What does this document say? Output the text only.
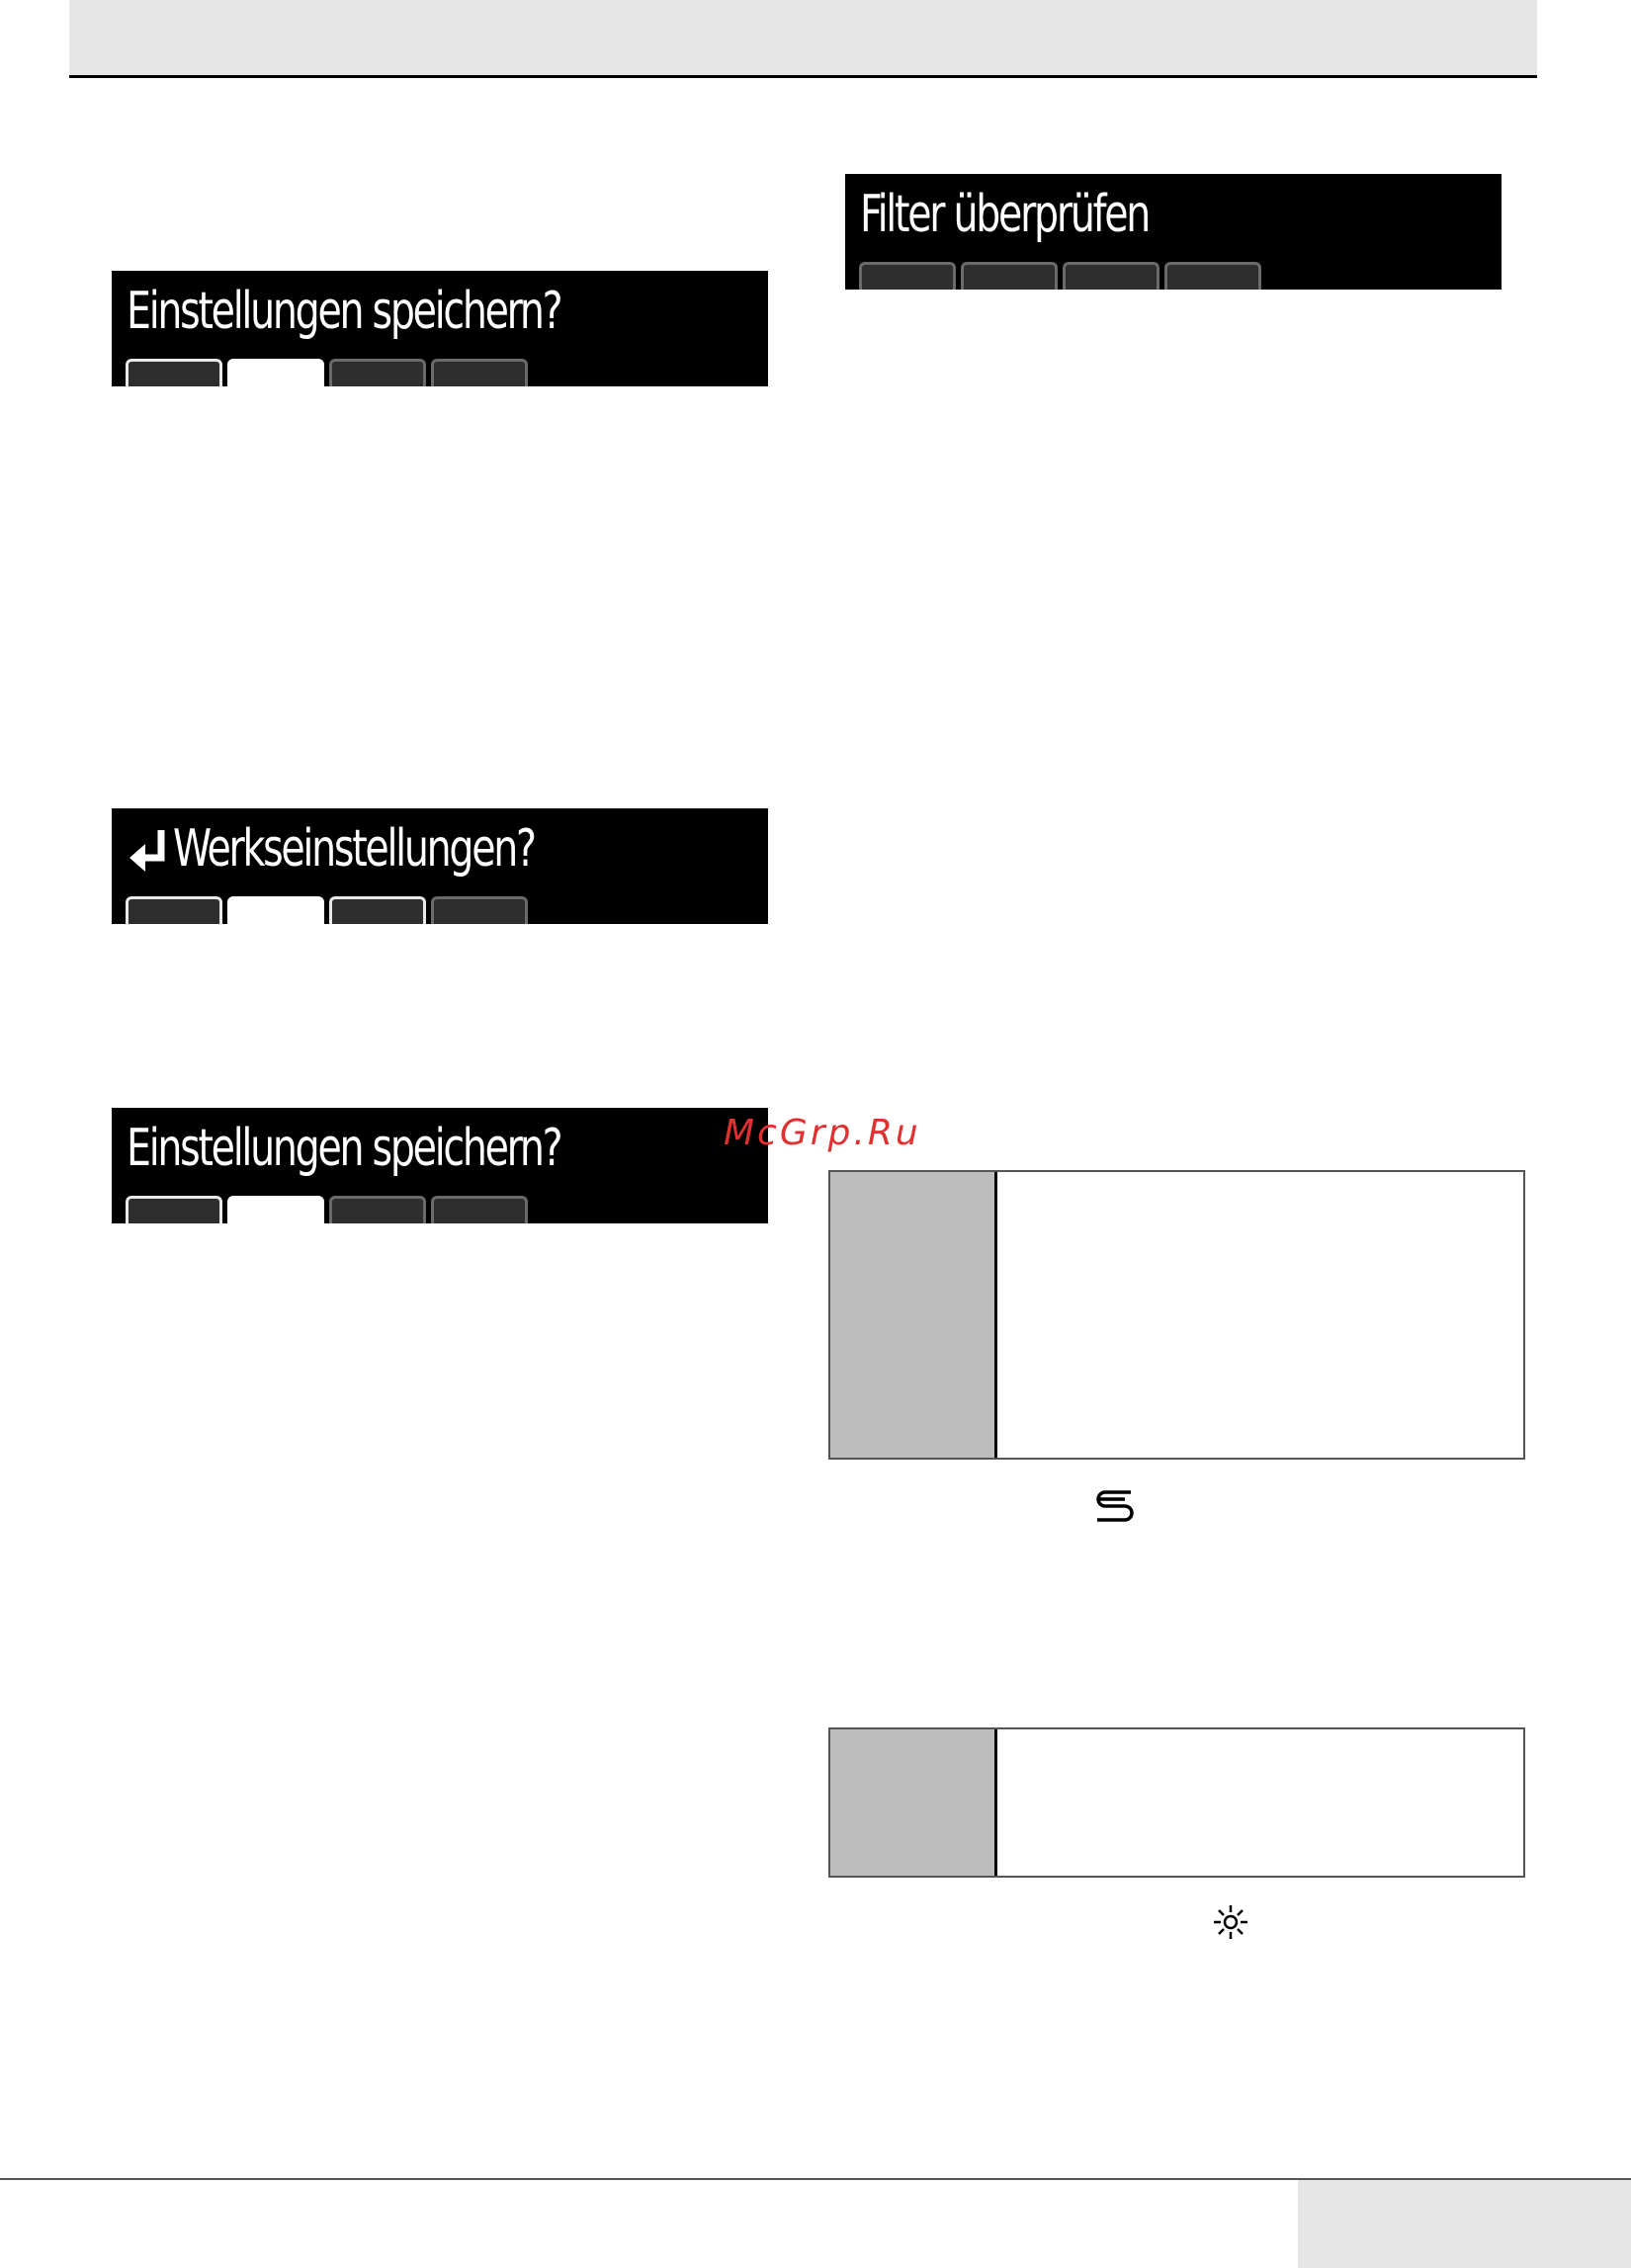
Einstellungen speichern?
Filter überprüfen
Werkseinstellungen?
Einstellungen speichern?	McGrp.Ru
